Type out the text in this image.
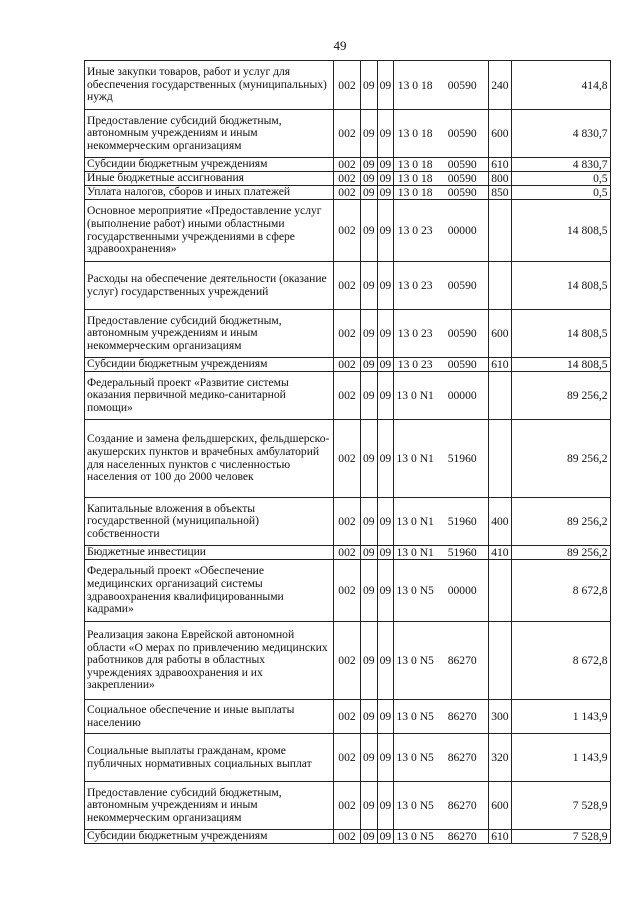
49
Иные закупки товаров, работ и услуг для обеспечения государственных (муниципальных) нужд	002	09	09	13 0 18	00590	240	414,8
Предоставление субсидий бюджетным, автономным учреждениям и иным некоммерческим организациям	002	09	09	13 0 18	00590	600	4 830,7
Субсидии бюджетным учреждениям	002	09	09	13 0 18	00590	610	4 830,7
Иные бюджетные ассигнования	002	09	09	13 0 18	00590	800	0,5
Уплата налогов, сборов и иных платежей	002	09	09	13 0 18	00590	850	0,5
Основное мероприятие «Предоставление услуг (выполнение работ) иными областными государственными учреждениями в сфере здравоохранения»	002	09	09	13 0 23	00000		14 808,5
Расходы на обеспечение деятельности (оказание услуг) государственных учреждений	002	09	09	13 0 23	00590		14 808,5
Предоставление субсидий бюджетным, автономным учреждениям и иным некоммерческим организациям	002	09	09	13 0 23	00590	600	14 808,5
Субсидии бюджетным учреждениям	002	09	09	13 0 23	00590	610	14 808,5
Федеральный проект «Развитие системы оказания первичной медико-санитарной помощи»	002	09	09	13 0 N1	00000		89 256,2
Создание и замена фельдшерских, фельдшерско-акушерских пунктов и врачебных амбулаторий для населенных пунктов с численностью населения от 100 до 2000 человек	002	09	09	13 0 N1	51960		89 256,2
Капитальные вложения в объекты государственной (муниципальной) собственности	002	09	09	13 0 N1	51960	400	89 256,2
Бюджетные инвестиции	002	09	09	13 0 N1	51960	410	89 256,2
Федеральный проект «Обеспечение медицинских организаций системы здравоохранения квалифицированными кадрами»	002	09	09	13 0 N5	00000		8 672,8
Реализация закона Еврейской автономной области «О мерах по привлечению медицинских работников для работы в областных учреждениях здравоохранения и их закреплении»	002	09	09	13 0 N5	86270		8 672,8
Социальное обеспечение и иные выплаты населению	002	09	09	13 0 N5	86270	300	1 143,9
Социальные выплаты гражданам, кроме публичных нормативных социальных выплат	002	09	09	13 0 N5	86270	320	1 143,9
Предоставление субсидий бюджетным, автономным учреждениям и иным некоммерческим организациям	002	09	09	13 0 N5	86270	600	7 528,9
Субсидии бюджетным учреждениям	002	09	09	13 0 N5	86270	610	7 528,9
